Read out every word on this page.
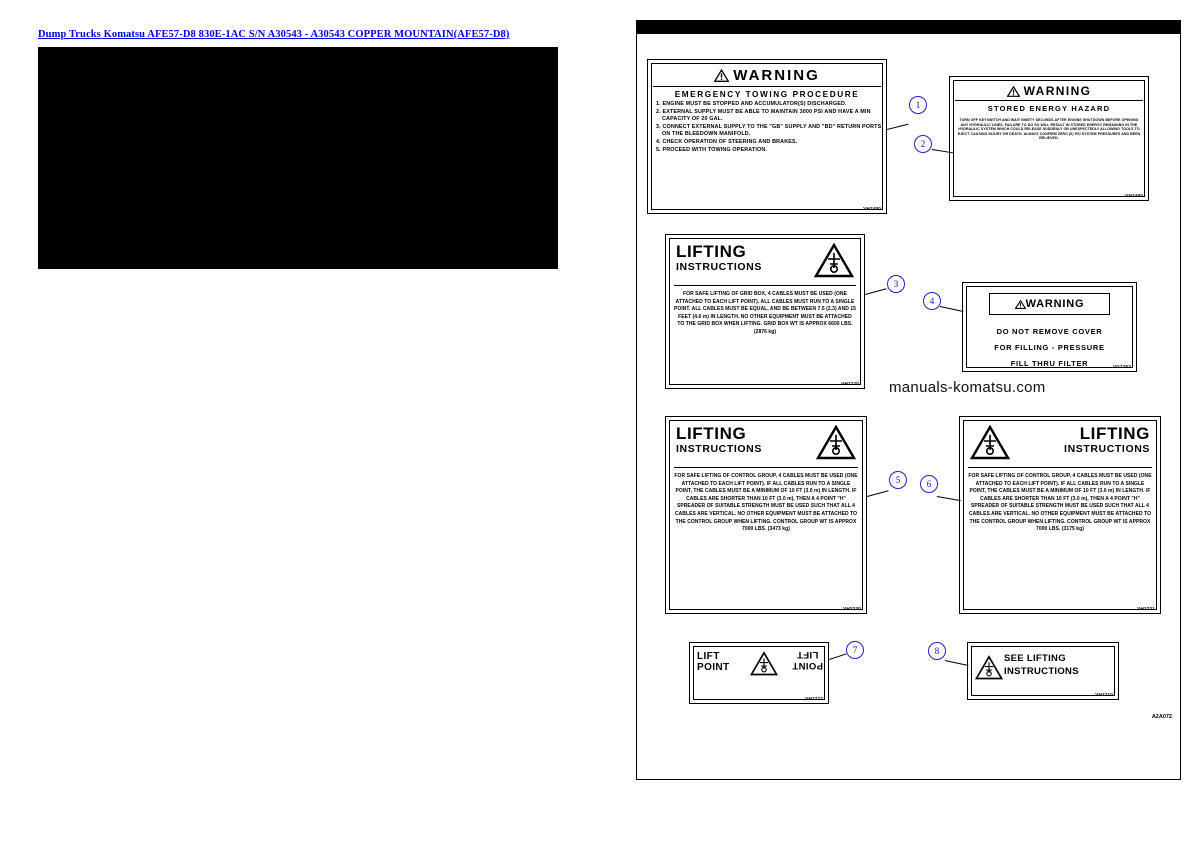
Dump Trucks Komatsu AFE57-D8 830E-1AC S/N A30543 - A30543 COPPER MOUNTAIN(AFE57-D8)
WARNING
EMERGENCY TOWING PROCEDURE
1. ENGINE MUST BE STOPPED AND ACCUMULATOR(S) DISCHARGED.
2. EXTERNAL SUPPLY MUST BE ABLE TO MAINTAIN 3000 PSI AND HAVE A MIN CAPACITY OF 20 GAL.
3. CONNECT EXTERNAL SUPPLY TO THE "GB" SUPPLY AND "BD" RETURN PORTS ON THE BLEEDOWN MANIFOLD.
4. CHECK OPERATION OF STEERING AND BRAKES.
5. PROCEED WITH TOWING OPERATION.
VH2480
WARNING
STORED ENERGY HAZARD
TURN OFF KEYSWITCH AND WAIT NINETY SECONDS AFTER ENGINE SHUTDOWN BEFORE OPENING ANY HYDRAULIC LINES. FAILURE TO DO SO WILL RESULT IN STORED ENERGY REMAINING IN THE HYDRAULIC SYSTEM WHICH COULD RELEASE SUDDENLY OR UNEXPECTEDLY ALLOWING TOOLS TO EJECT CAUSING INJURY OR DEATH. ALWAYS CONFIRM ZERO (0) PSI SYSTEM PRESSURES AND BEEN RELIEVED.
VH2490
LIFTING
INSTRUCTIONS
FOR SAFE LIFTING OF GRID BOX, 4 CABLES MUST BE USED (ONE ATTACHED TO EACH LIFT POINT). ALL CABLES MUST RUN TO A SINGLE POINT. ALL CABLES MUST BE EQUAL, AND BE BETWEEN 7.5 (2.3) AND 15 FEET (4.6 m) IN LENGTH. NO OTHER EQUIPMENT MUST BE ATTACHED TO THE GRID BOX WHEN LIFTING. GRID BOX WT IS APPROX 6600 LBS. (2876 kg)
VH2220
WARNING
DO NOT REMOVE COVER
FOR FILLING - PRESSURE
FILL THRU FILTER	VG2763
LIFTING
INSTRUCTIONS
FOR SAFE LIFTING OF CONTROL GROUP, 4 CABLES MUST BE USED (ONE ATTACHED TO EACH LIFT POINT). IF ALL CABLES RUN TO A SINGLE POINT, THE CABLES MUST BE A MINIMUM OF 10 FT (3.0 m) IN LENGTH. IF CABLES ARE SHORTER THAN 10 FT (3.0 m), THEN A 4 POINT "H" SPREADER OF SUITABLE STRENGTH MUST BE USED SUCH THAT ALL 4 CABLES ARE VERTICAL. NO OTHER EQUIPMENT MUST BE ATTACHED TO THE CONTROL GROUP WHEN LIFTING. CONTROL GROUP WT IS APPROX 7000 LBS. (3473 kg)
VH2230
LIFTING
INSTRUCTIONS
FOR SAFE LIFTING OF CONTROL GROUP, 4 CABLES MUST BE USED (ONE ATTACHED TO EACH LIFT POINT). IF ALL CABLES RUN TO A SINGLE POINT, THE CABLES MUST BE A MINIMUM OF 10 FT (3.0 m) IN LENGTH. IF CABLES ARE SHORTER THAN 10 FT (3.0 m), THEN A 4 POINT "H" SPREADER OF SUITABLE STRENGTH MUST BE USED SUCH THAT ALL 4 CABLES ARE VERTICAL. NO OTHER EQUIPMENT MUST BE ATTACHED TO THE CONTROL GROUP WHEN LIFTING. CONTROL GROUP WT IS APPROX 7000 LBS. (3175 kg)
VH2231
LIFT
POINT	POINT
LIFT
VH2222
SEE LIFTING
INSTRUCTIONS
VH2210
1
2
3
4
5	6
7	8
manuals-komatsu.com
A2A072
